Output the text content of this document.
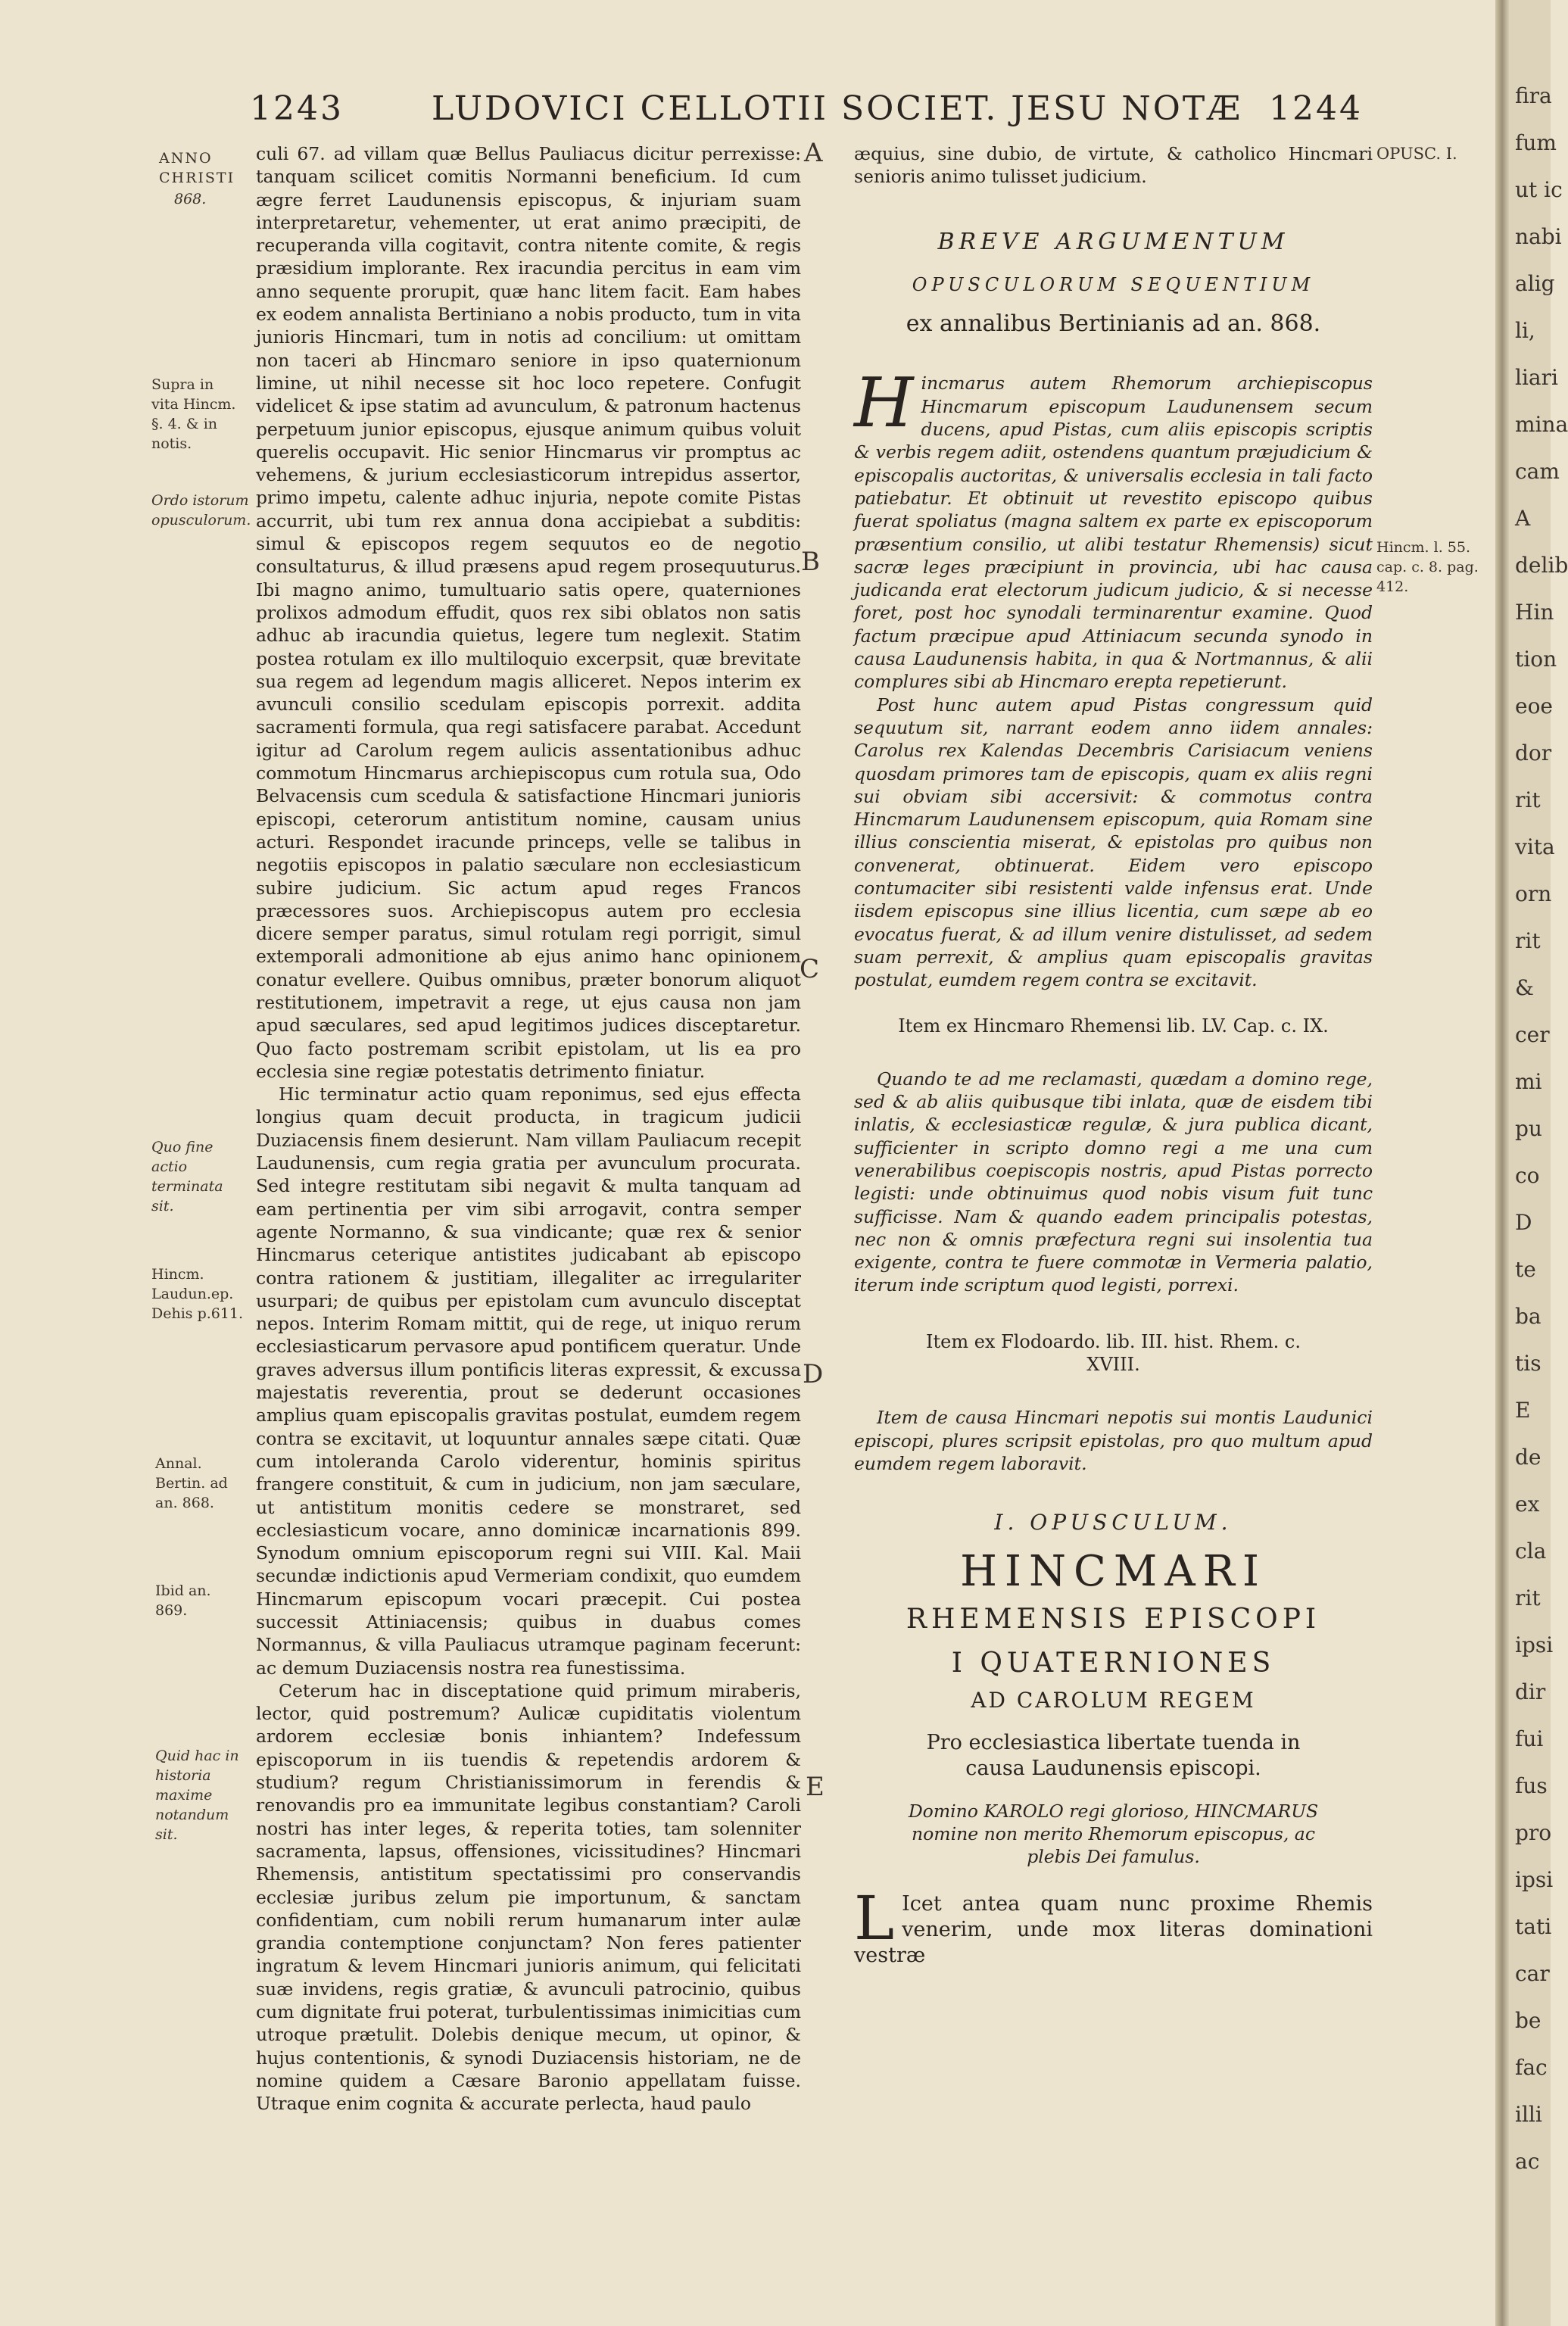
1243	LUDOVICI CELLOTII SOCIET. JESU NOTÆ 1244
ANNO
CHRISTI
868.
Supra in vita Hincm. §. 4. & in notis.
Ordo istorum opusculorum.
Quo fine actio terminata sit.
Hincm. Laudun.ep. Dehis p.611.
Annal. Bertin. ad an. 868.
Ibid an. 869.
Quid hac in historia maxime notandum sit.
A
B
C
D
E
OPUSC. I.
Hincm. l. 55. cap. c. 8. pag. 412.

culi 67. ad villam quæ Bellus Pauliacus dicitur perrexisse: tanquam scilicet comitis Normanni beneficium. Id cum ægre ferret Laudunensis episcopus, & injuriam suam interpretaretur, vehementer, ut erat animo præcipiti, de recuperanda villa cogitavit, contra nitente comite, & regis præsidium implorante. Rex iracundia percitus in eam vim anno sequente prorupit, quæ hanc litem facit. Eam habes ex eodem annalista Bertiniano a nobis producto, tum in vita junioris Hincmari, tum in notis ad concilium: ut omittam non taceri ab Hincmaro seniore in ipso quaternionum limine, ut nihil necesse sit hoc loco repetere. Confugit videlicet & ipse statim ad avunculum, & patronum hactenus perpetuum junior episcopus, ejusque animum quibus voluit querelis occupavit. Hic senior Hincmarus vir promptus ac vehemens, & jurium ecclesiasticorum intrepidus assertor, primo impetu, calente adhuc injuria, nepote comite Pistas accurrit, ubi tum rex annua dona accipiebat a subditis: simul & episcopos regem sequutos eo de negotio consultaturus, & illud præsens apud regem prosequuturus. Ibi magno animo, tumultuario satis opere, quaterniones prolixos admodum effudit, quos rex sibi oblatos non satis adhuc ab iracundia quietus, legere tum neglexit. Statim postea rotulam ex illo multiloquio excerpsit, quæ brevitate sua regem ad legendum magis alliceret. Nepos interim ex avunculi consilio scedulam episcopis porrexit. addita sacramenti formula, qua regi satisfacere parabat. Accedunt igitur ad Carolum regem aulicis assentationibus adhuc commotum Hincmarus archiepiscopus cum rotula sua, Odo Belvacensis cum scedula & satisfactione Hincmari junioris episcopi, ceterorum antistitum nomine, causam unius acturi. Respondet iracunde princeps, velle se talibus in negotiis episcopos in palatio sæculare non ecclesiasticum subire judicium. Sic actum apud reges Francos præcessores suos. Archiepiscopus autem pro ecclesia dicere semper paratus, simul rotulam regi porrigit, simul extemporali admonitione ab ejus animo hanc opinionem conatur evellere. Quibus omnibus, præter bonorum aliquot restitutionem, impetravit a rege, ut ejus causa non jam apud sæculares, sed apud legitimos judices disceptaretur. Quo facto postremam scribit epistolam, ut lis ea pro ecclesia sine regiæ potestatis detrimento finiatur.

Hic terminatur actio quam reponimus, sed ejus effecta longius quam decuit producta, in tragicum judicii Duziacensis finem desierunt. Nam villam Pauliacum recepit Laudunensis, cum regia gratia per avunculum procurata. Sed integre restitutam sibi negavit & multa tanquam ad eam pertinentia per vim sibi arrogavit, contra semper agente Normanno, & sua vindicante; quæ rex & senior Hincmarus ceterique antistites judicabant ab episcopo contra rationem & justitiam, illegaliter ac irregulariter usurpari; de quibus per epistolam cum avunculo disceptat nepos. Interim Romam mittit, qui de rege, ut iniquo rerum ecclesiasticarum pervasore apud pontificem queratur. Unde graves adversus illum pontificis literas expressit, & excussa majestatis reverentia, prout se dederunt occasiones amplius quam episcopalis gravitas postulat, eumdem regem contra se excitavit, ut loquuntur annales sæpe citati. Quæ cum intoleranda Carolo viderentur, hominis spiritus frangere constituit, & cum in judicium, non jam sæculare, ut antistitum monitis cedere se monstraret, sed ecclesiasticum vocare, anno dominicæ incarnationis 899. Synodum omnium episcoporum regni sui VIII. Kal. Maii secundæ indictionis apud Vermeriam condixit, quo eumdem Hincmarum episcopum vocari præcepit. Cui postea successit Attiniacensis; quibus in duabus comes Normannus, & villa Pauliacus utramque paginam fecerunt: ac demum Duziacensis nostra rea funestissima.

Ceterum hac in disceptatione quid primum miraberis, lector, quid postremum? Aulicæ cupiditatis violentum ardorem ecclesiæ bonis inhiantem? Indefessum episcoporum in iis tuendis & repetendis ardorem & studium? regum Christianissimorum in ferendis & renovandis pro ea immunitate legibus constantiam? Caroli nostri has inter leges, & reperita toties, tam solenniter sacramenta, lapsus, offensiones, vicissitudines? Hincmari Rhemensis, antistitum spectatissimi pro conservandis ecclesiæ juribus zelum pie importunum, & sanctam confidentiam, cum nobili rerum humanarum inter aulæ grandia contemptione conjunctam? Non feres patienter ingratum & levem Hincmari junioris animum, qui felicitati suæ invidens, regis gratiæ, & avunculi patrocinio, quibus cum dignitate frui poterat, turbulentissimas inimicitias cum utroque prætulit. Dolebis denique mecum, ut opinor, & hujus contentionis, & synodi Duziacensis historiam, ne de nomine quidem a Cæsare Baronio appellatam fuisse. Utraque enim cognita & accurate perlecta, haud paulo

æquius, sine dubio, de virtute, & catholico Hincmari senioris animo tulisset judicium.

BREVE ARGUMENTUM

OPUSCULORUM SEQUENTIUM

ex annalibus Bertinianis ad an. 868.

Hincmarus autem Rhemorum archiepiscopus Hincmarum episcopum Laudunensem secum ducens, apud Pistas, cum aliis episcopis scriptis & verbis regem adiit, ostendens quantum præjudicium & episcopalis auctoritas, & universalis ecclesia in tali facto patiebatur. Et obtinuit ut revestito episcopo quibus fuerat spoliatus (magna saltem ex parte ex episcoporum præsentium consilio, ut alibi testatur Rhemensis) sicut sacræ leges præcipiunt in provincia, ubi hac causa judicanda erat electorum judicum judicio, & si necesse foret, post hoc synodali terminarentur examine. Quod factum præcipue apud Attiniacum secunda synodo in causa Laudunensis habita, in qua & Nortmannus, & alii complures sibi ab Hincmaro erepta repetierunt.

Post hunc autem apud Pistas congressum quid sequutum sit, narrant eodem anno iidem annales: Carolus rex Kalendas Decembris Carisiacum veniens quosdam primores tam de episcopis, quam ex aliis regni sui obviam sibi accersivit: & commotus contra Hincmarum Laudunensem episcopum, quia Romam sine illius conscientia miserat, & epistolas pro quibus non convenerat, obtinuerat. Eidem vero episcopo contumaciter sibi resistenti valde infensus erat. Unde iisdem episcopus sine illius licentia, cum sæpe ab eo evocatus fuerat, & ad illum venire distulisset, ad sedem suam perrexit, & amplius quam episcopalis gravitas postulat, eumdem regem contra se excitavit.

Item ex Hincmaro Rhemensi lib. LV. Cap. c. IX.

Quando te ad me reclamasti, quædam a domino rege, sed & ab aliis quibusque tibi inlata, quæ de eisdem tibi inlatis, & ecclesiasticæ regulæ, & jura publica dicant, sufficienter in scripto domno regi a me una cum venerabilibus coepiscopis nostris, apud Pistas porrecto legisti: unde obtinuimus quod nobis visum fuit tunc sufficisse. Nam & quando eadem principalis potestas, nec non & omnis præfectura regni sui insolentia tua exigente, contra te fuere commotæ in Vermeria palatio, iterum inde scriptum quod legisti, porrexi.

Item ex Flodoardo. lib. III. hist. Rhem. c. XVIII.

Item de causa Hincmari nepotis sui montis Laudunici episcopi, plures scripsit epistolas, pro quo multum apud eumdem regem laboravit.

I. OPUSCULUM.

HINCMARI

RHEMENSIS EPISCOPI

I QUATERNIONES

AD CAROLUM REGEM

Pro ecclesiastica libertate tuenda in causa Laudunensis episcopi.

Domino KAROLO regi glorioso, HINCMARUS nomine non merito Rhemorum episcopus, ac plebis Dei famulus.

L Icet antea quam nunc proxime Rhemis venerim, unde mox literas dominationi vestræ

fira
fum
ut ic
nabi
alig
li,
liari
mina
cam
A
delib
Hin
tion
eoe
dor
rit
vita
orn
rit
&
cer
mi
pu
co
D
te
ba
tis
E
de
ex
cla
rit
ipsi
dir
fui
fus
pro
ipsi
tati
car
be
fac
illi
ac
